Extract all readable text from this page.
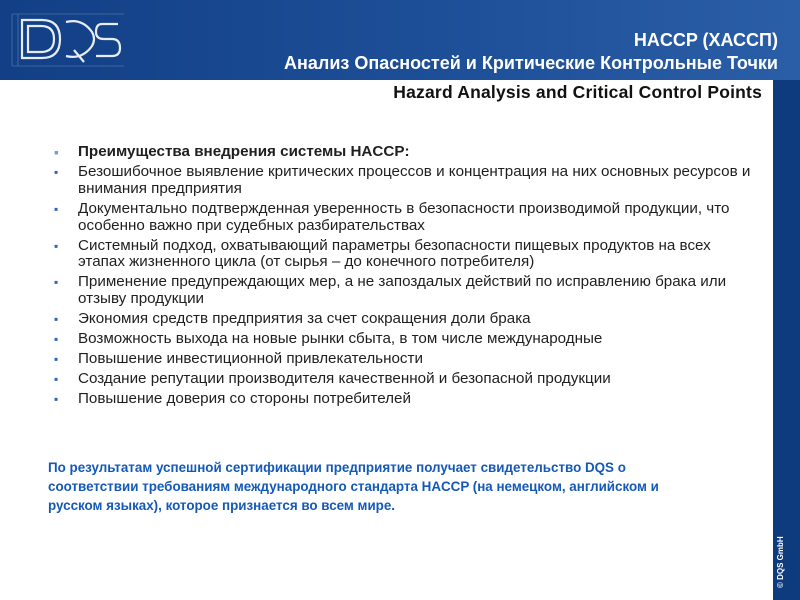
DQS	HACCP (ХАССП)
Анализ Опасностей и Критические Контрольные Точки
Hazard Analysis and Critical Control Points
▪ Преимущества внедрения системы HACCP:
▪ Безошибочное выявление критических процессов и концентрация на них основных ресурсов и внимания предприятия
▪ Документально подтвержденная уверенность в безопасности производимой продукции, что особенно важно при судебных разбирательствах
▪ Системный подход, охватывающий параметры безопасности пищевых продуктов на всех этапах жизненного цикла (от сырья – до конечного потребителя)
▪ Применение предупреждающих мер, а не запоздалых действий по исправлению брака или отзыву продукции
▪ Экономия средств предприятия за счет сокращения доли брака
▪ Возможность выхода на новые рынки сбыта, в том числе международные
▪ Повышение инвестиционной привлекательности
▪ Создание репутации производителя качественной и безопасной продукции
▪ Повышение доверия со стороны потребителей
По результатам успешной сертификации предприятие получает свидетельство DQS о соответствии требованиям международного стандарта HACCP (на немецком, английском и русском языках), которое признается во всем мире.
